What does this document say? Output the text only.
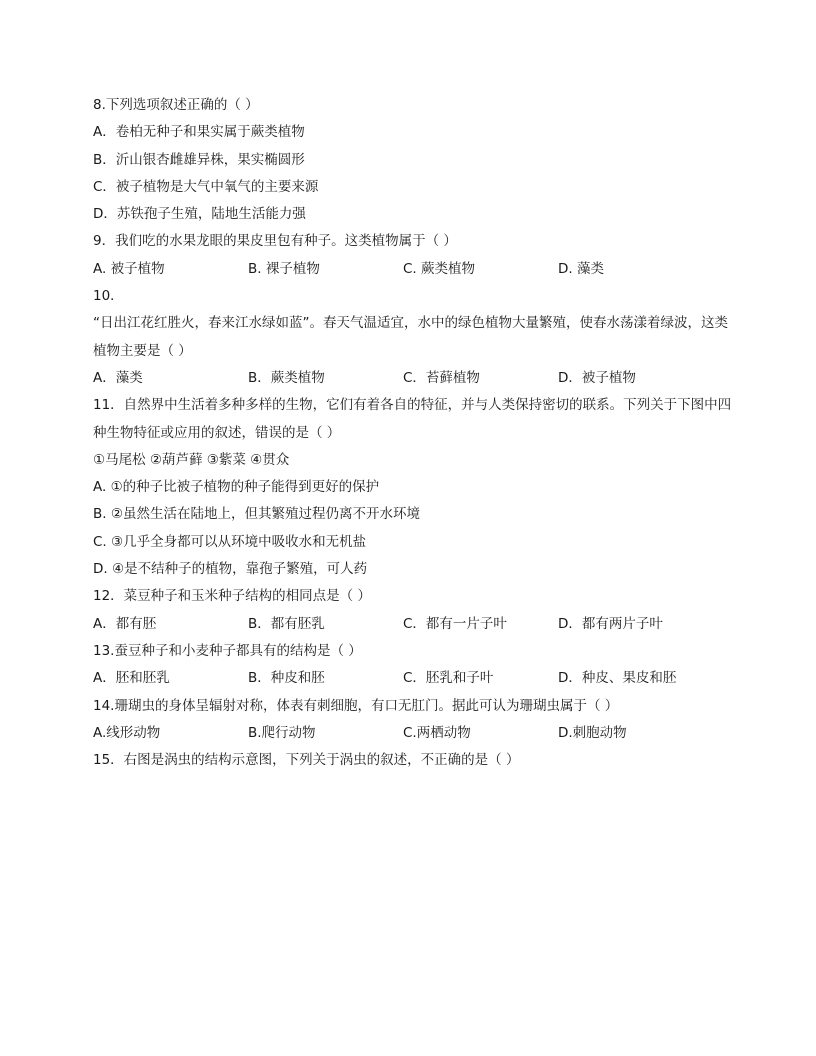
8.下列选项叙述正确的（ ）
A．卷柏无种子和果实属于蕨类植物
B．沂山银杏雌雄异株，果实椭圆形
C．被子植物是大气中氧气的主要来源
D．苏铁孢子生殖，陆地生活能力强
9．我们吃的水果龙眼的果皮里包有种子。这类植物属于（ ）
A. 被子植物	B. 裸子植物	C. 蕨类植物	D. 藻类
10．
“日出江花红胜火，春来江水绿如蓝”。春天气温适宜，水中的绿色植物大量繁殖，使春水荡漾着绿波，这类植物主要是（ ）
A．藻类	B．蕨类植物	C．苔藓植物	D．被子植物
11．自然界中生活着多种多样的生物，它们有着各自的特征，并与人类保持密切的联系。下列关于下图中四种生物特征或应用的叙述，错误的是（ ）
①马尾松 ②葫芦藓 ③紫菜 ④贯众
A. ①的种子比被子植物的种子能得到更好的保护
B. ②虽然生活在陆地上，但其繁殖过程仍离不开水环境
C. ③几乎全身都可以从环境中吸收水和无机盐
D. ④是不结种子的植物，靠孢子繁殖，可人药
12．菜豆种子和玉米种子结构的相同点是（ ）
A．都有胚	B．都有胚乳	C．都有一片子叶	D．都有两片子叶
13.蚕豆种子和小麦种子都具有的结构是（ ）
A．胚和胚乳	B．种皮和胚	C．胚乳和子叶	D．种皮、果皮和胚
14.珊瑚虫的身体呈辐射对称，体表有刺细胞，有口无肛门。据此可认为珊瑚虫属于（ ）
A.线形动物	B.爬行动物	C.两栖动物	D.刺胞动物
15．右图是涡虫的结构示意图，下列关于涡虫的叙述，不正确的是（ ）
